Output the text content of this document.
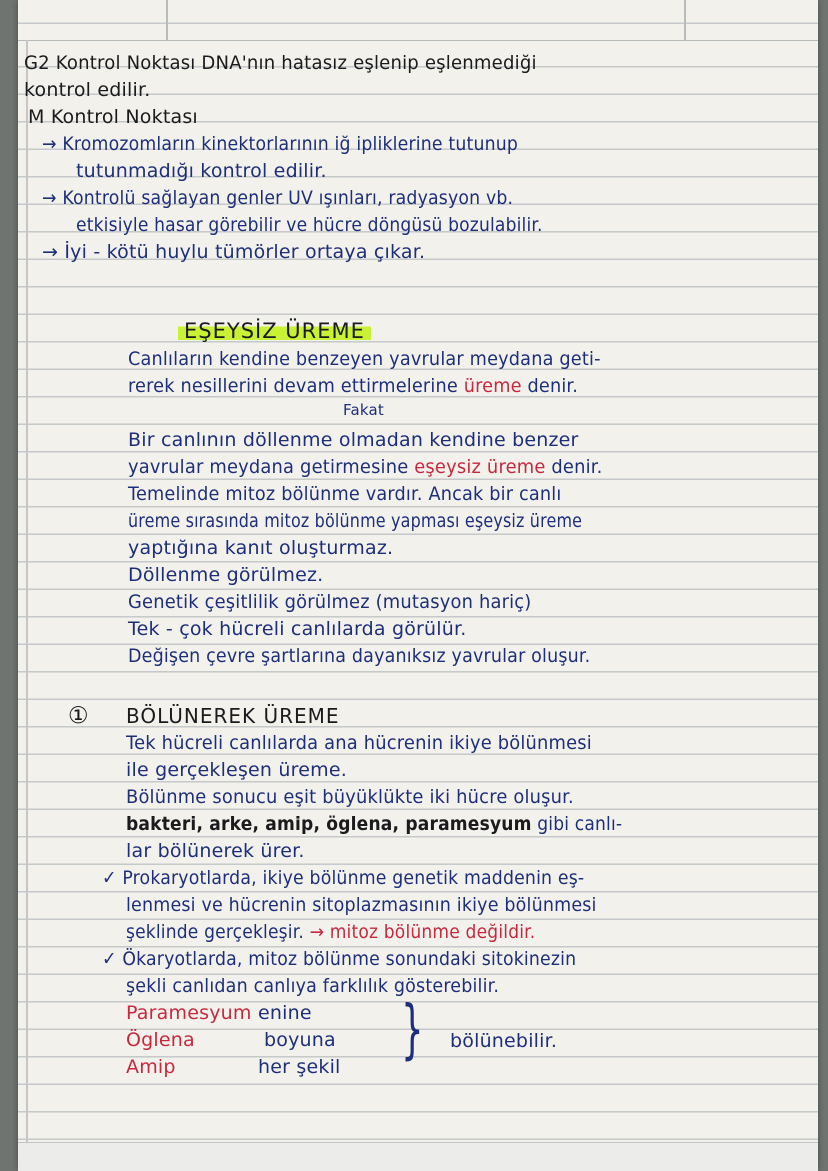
G2 Kontrol Noktası DNA'nın hatasız eşlenip eşlenmediği
kontrol edilir.
M Kontrol Noktası
→ Kromozomların kinektorlarının iğ ipliklerine tutunup
tutunmadığı kontrol edilir.
→ Kontrolü sağlayan genler UV ışınları, radyasyon vb.
etkisiyle hasar görebilir ve hücre döngüsü bozulabilir.
→ İyi - kötü huylu tümörler ortaya çıkar.
EŞEYSİZ ÜREME
Canlıların kendine benzeyen yavrular meydana geti-
rerek nesillerini devam ettirmelerine üreme denir.
Fakat
Bir canlının döllenme olmadan kendine benzer
yavrular meydana getirmesine eşeysiz üreme denir.
Temelinde mitoz bölünme vardır. Ancak bir canlı
üreme sırasında mitoz bölünme yapması eşeysiz üreme
yaptığına kanıt oluşturmaz.
Döllenme görülmez.
Genetik çeşitlilik görülmez (mutasyon hariç)
Tek - çok hücreli canlılarda görülür.
Değişen çevre şartlarına dayanıksız yavrular oluşur.
① BÖLÜNEREK ÜREME
Tek hücreli canlılarda ana hücrenin ikiye bölünmesi
ile gerçekleşen üreme.
Bölünme sonucu eşit büyüklükte iki hücre oluşur.
bakteri, arke, amip, öglena, paramesyum gibi canlı-
lar bölünerek ürer.
✓ Prokaryotlarda, ikiye bölünme genetik maddenin eş-
lenmesi ve hücrenin sitoplazmasının ikiye bölünmesi
şeklinde gerçekleşir. → mitoz bölünme değildir.
✓ Ökaryotlarda, mitoz bölünme sonundaki sitokinezin
şekli canlıdan canlıya farklılık gösterebilir.
Paramesyum enine
Öglena	boyuna
Amip	her şekil } bölünebilir.
